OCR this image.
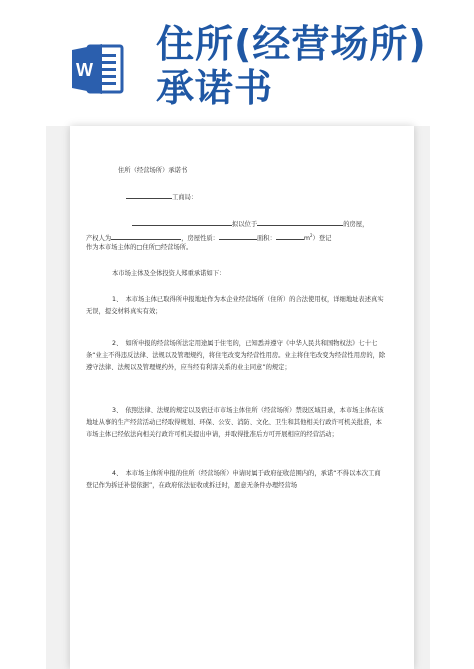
W
住所(经营场所)
承诺书

住所（经营场所）承诺书

工商局：

拟以位于	的房屋，

产权人为	，房屋性质：	面积：	$m^2$）登记

作为本市场主体的□住所□经营场所。

本市场主体及全体投资人郑重承诺如下：

1、　本市场主体已取得所申报地址作为本企业经营场所（住所）的合法使用权，详细地址表述真实无误，提交材料真实有效；

2、　如所申报的经营场所法定用途属于住宅的，已知悉并遵守《中华人民共和国物权法》七十七条“业主不得违反法律、法规以及管理规约，将住宅改变为经营性用房。业主将住宅改变为经营性用房的，除遵守法律、法规以及管理规约外，应当经有利害关系的业主同意”的规定；

3、　依照法律、法规的规定以及宿迁市市场主体住所（经营场所）禁设区域目录，本市场主体在该地址从事的生产经营活动已经取得规划、环保、公安、消防、文化、卫生和其他相关行政许可机关批准，本市场主体已经依法向相关行政许可机关提出申请，并取得批准后方可开展相应的经营活动；

4、　本市场主体所申报的住所（经营场所）申请时属于政府征收范围内的，承诺“不得以本次工商登记作为拆迁补偿依据”，在政府依法征收或拆迁时，愿意无条件办理经营场
